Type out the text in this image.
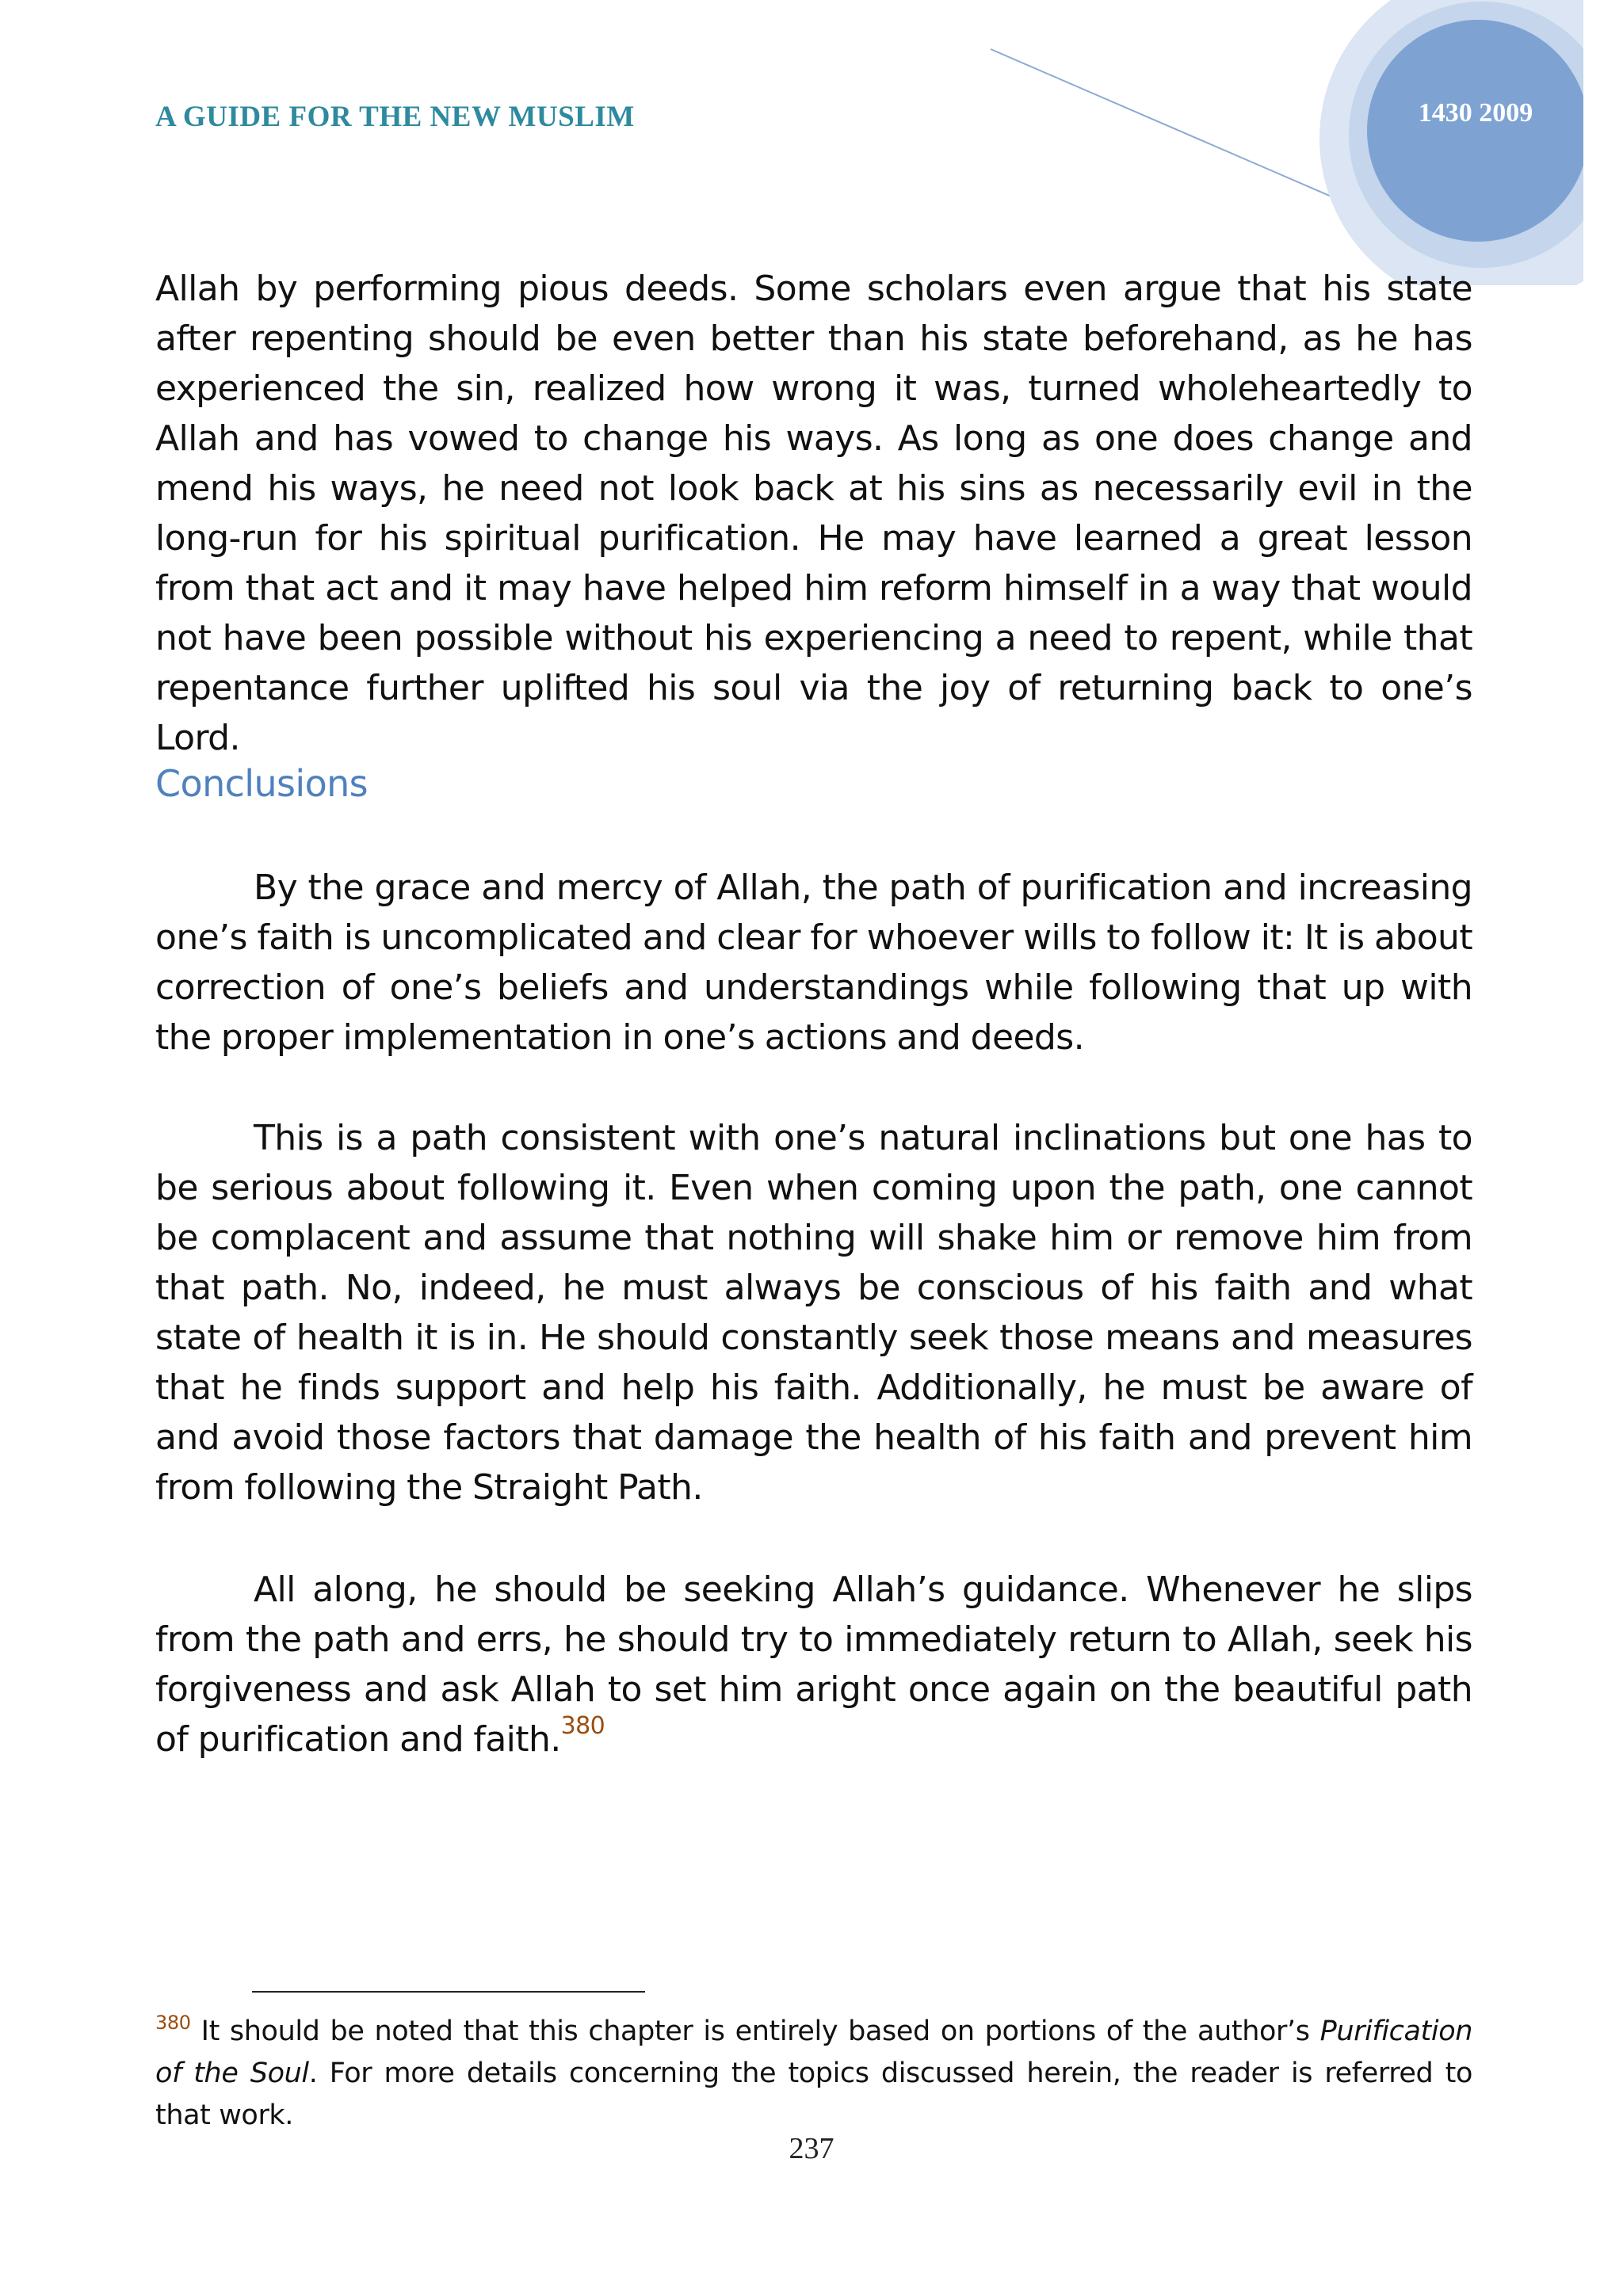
A GUIDE FOR THE NEW MUSLIM	1430 2009

Allah by performing pious deeds. Some scholars even argue that his state after repenting should be even better than his state beforehand, as he has experienced the sin, realized how wrong it was, turned wholeheartedly to Allah and has vowed to change his ways. As long as one does change and mend his ways, he need not look back at his sins as necessarily evil in the long-run for his spiritual purification. He may have learned a great lesson from that act and it may have helped him reform himself in a way that would not have been possible without his experiencing a need to repent, while that repentance further uplifted his soul via the joy of returning back to one’s Lord.

Conclusions

By the grace and mercy of Allah, the path of purification and increasing one’s faith is uncomplicated and clear for whoever wills to follow it: It is about correction of one’s beliefs and understandings while following that up with the proper implementation in one’s actions and deeds.

This is a path consistent with one’s natural inclinations but one has to be serious about following it. Even when coming upon the path, one cannot be complacent and assume that nothing will shake him or remove him from that path. No, indeed, he must always be conscious of his faith and what state of health it is in. He should constantly seek those means and measures that he finds support and help his faith. Additionally, he must be aware of and avoid those factors that damage the health of his faith and prevent him from following the Straight Path.

All along, he should be seeking Allah’s guidance. Whenever he slips from the path and errs, he should try to immediately return to Allah, seek his forgiveness and ask Allah to set him aright once again on the beautiful path of purification and faith.$^{380}$

$^{380}$ It should be noted that this chapter is entirely based on portions of the author’s Purification of the Soul. For more details concerning the topics discussed herein, the reader is referred to that work.

237
